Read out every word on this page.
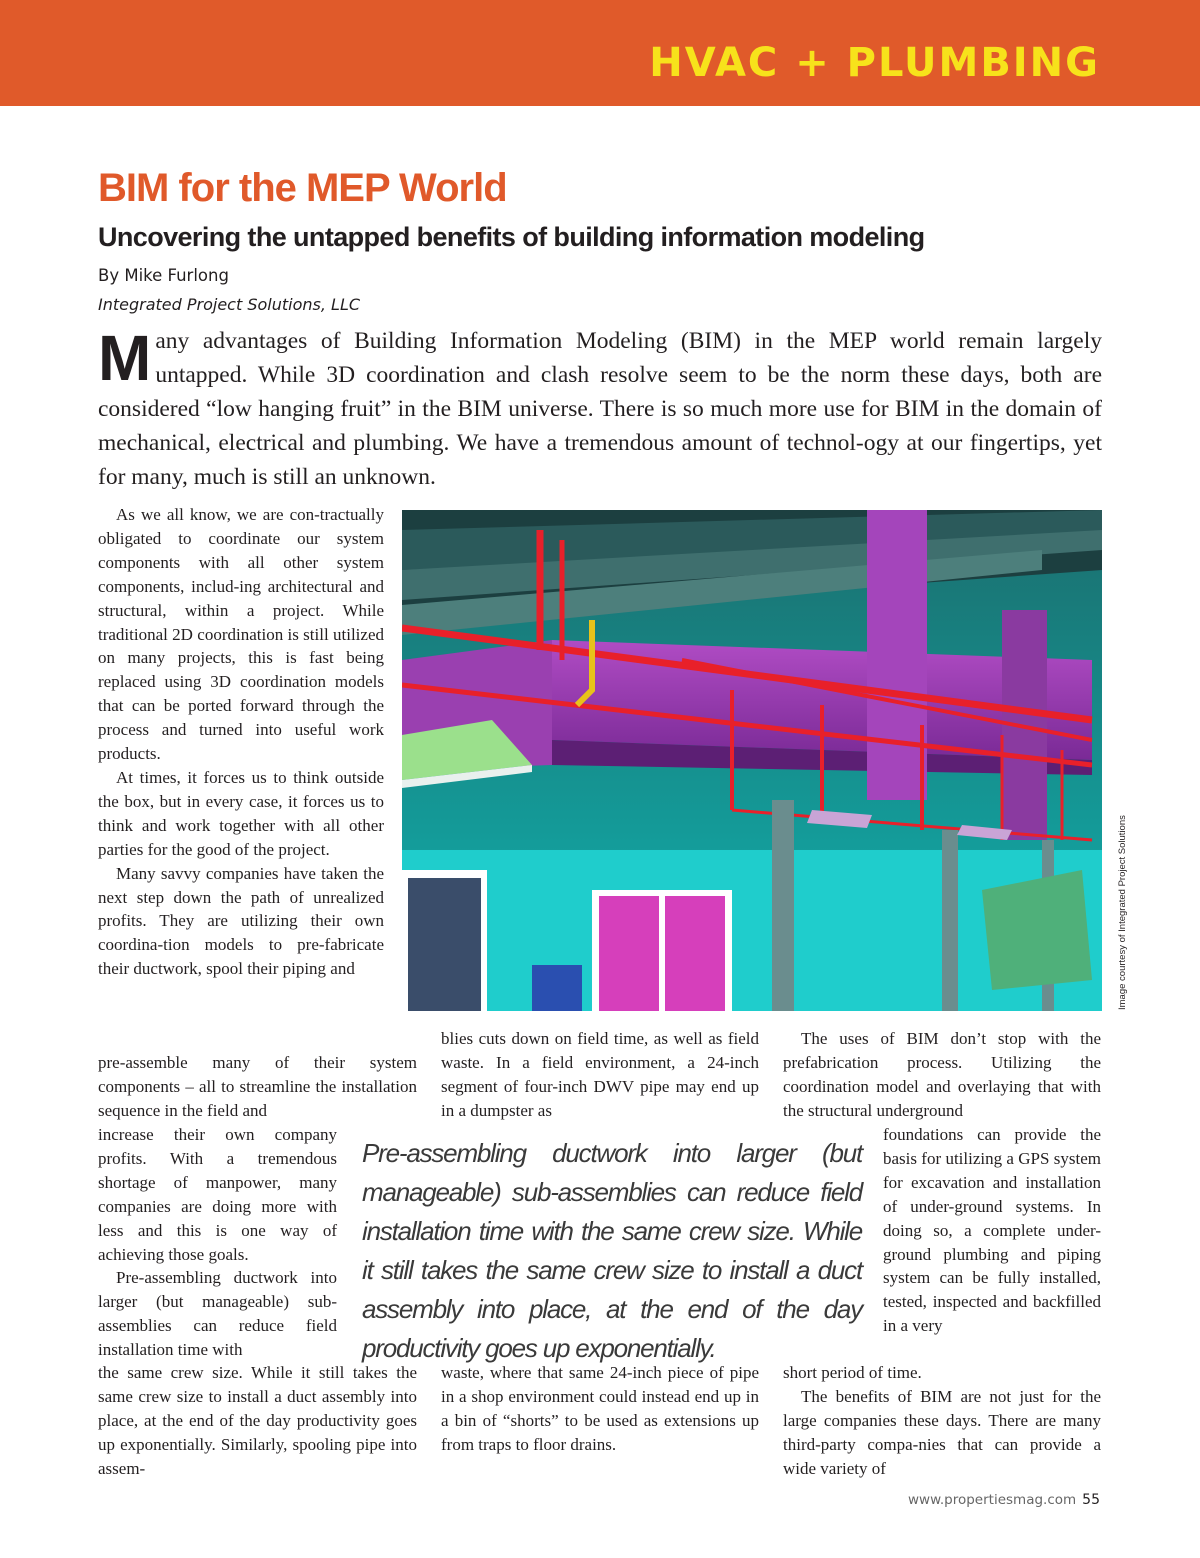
HVAC + PLUMBING
BIM for the MEP World
Uncovering the untapped benefits of building information modeling
By Mike Furlong
Integrated Project Solutions, LLC
Many advantages of Building Information Modeling (BIM) in the MEP world remain largely untapped. While 3D coordination and clash resolve seem to be the norm these days, both are considered “low hanging fruit” in the BIM universe. There is so much more use for BIM in the domain of mechanical, electrical and plumbing. We have a tremendous amount of technol-ogy at our fingertips, yet for many, much is still an unknown.

As we all know, we are con-tractually obligated to coordinate our system components with all other system components, includ-ing architectural and structural, within a project. While traditional 2D coordination is still utilized on many projects, this is fast being replaced using 3D coordination models that can be ported forward through the process and turned into useful work products.

At times, it forces us to think outside the box, but in every case, it forces us to think and work together with all other parties for the good of the project.

Many savvy companies have taken the next step down the path of unrealized profits. They are utilizing their own coordina-tion models to pre-fabricate their ductwork, spool their piping and

pre-assemble many of their system components – all to streamline the installation sequence in the field and

increase their own company profits. With a tremendous shortage of manpower, many companies are doing more with less and this is one way of achieving those goals.

Pre-assembling ductwork into larger (but manageable) sub-assemblies can reduce field installation time with

the same crew size. While it still takes the same crew size to install a duct assembly into place, at the end of the day productivity goes up exponentially. Similarly, spooling pipe into assem-

blies cuts down on field time, as well as field waste. In a field environment, a 24-inch segment of four-inch DWV pipe may end up in a dumpster as

waste, where that same 24-inch piece of pipe in a shop environment could instead end up in a bin of “shorts” to be used as extensions up from traps to floor drains.

The uses of BIM don’t stop with the prefabrication process. Utilizing the coordination model and overlaying that with the structural underground

foundations can provide the basis for utilizing a GPS system for excavation and installation of under-ground systems. In doing so, a complete under-ground plumbing and piping system can be fully installed, tested, inspected and backfilled in a very

short period of time.

The benefits of BIM are not just for the large companies these days. There are many third-party compa-nies that can provide a wide variety of

Pre-assembling ductwork into larger (but manageable) sub-assemblies can reduce field installation time with the same crew size. While it still takes the same crew size to install a duct assembly into place, at the end of the day productivity goes up exponentially.
Image courtesy of Integrated Project Solutions
www.propertiesmag.com 55
